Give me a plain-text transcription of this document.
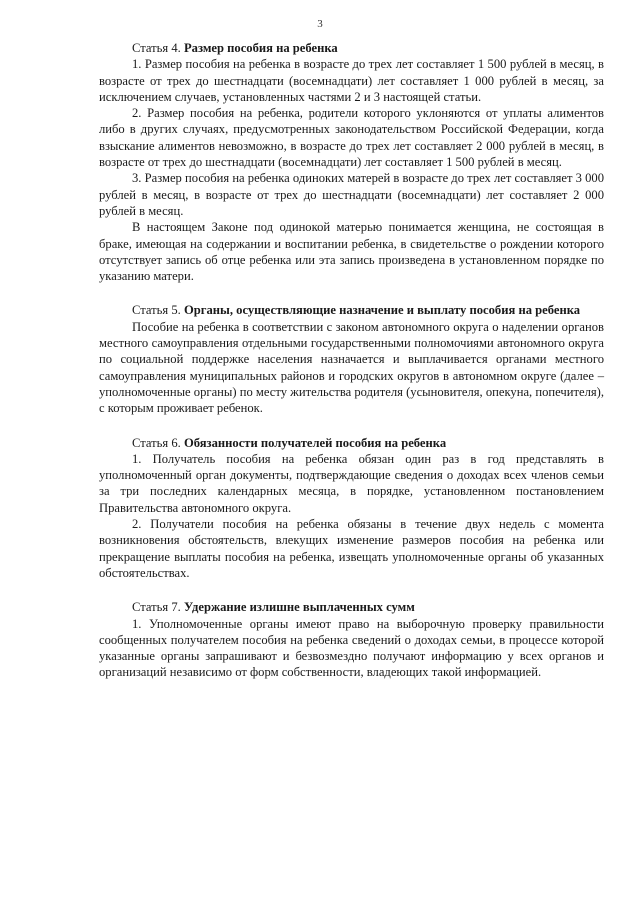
3

Статья 4. Размер пособия на ребенка

1. Размер пособия на ребенка в возрасте до трех лет составляет 1 500 рублей в месяц, в возрасте от трех до шестнадцати (восемнадцати) лет составляет 1 000 рублей в месяц, за исключением случаев, установленных частями 2 и 3 настоящей статьи.

2. Размер пособия на ребенка, родители которого уклоняются от уплаты алиментов либо в других случаях, предусмотренных законодательством Российской Федерации, когда взыскание алиментов невозможно, в возрасте до трех лет составляет 2 000 рублей в месяц, в возрасте от трех до шестнадцати (восемнадцати) лет составляет 1 500 рублей в месяц.

3. Размер пособия на ребенка одиноких матерей в возрасте до трех лет составляет 3 000 рублей в месяц, в возрасте от трех до шестнадцати (восемнадцати) лет составляет 2 000 рублей в месяц.

В настоящем Законе под одинокой матерью понимается женщина, не состоящая в браке, имеющая на содержании и воспитании ребенка, в свидетельстве о рождении которого отсутствует запись об отце ребенка или эта запись произведена в установленном порядке по указанию матери.

Статья 5. Органы, осуществляющие назначение и выплату пособия на ребенка

Пособие на ребенка в соответствии с законом автономного округа о наделении органов местного самоуправления отдельными государственными полномочиями автономного округа по социальной поддержке населения назначается и выплачивается органами местного самоуправления муниципальных районов и городских округов в автономном округе (далее – уполномоченные органы) по месту жительства родителя (усыновителя, опекуна, попечителя), с которым проживает ребенок.

Статья 6. Обязанности получателей пособия на ребенка

1. Получатель пособия на ребенка обязан один раз в год представлять в уполномоченный орган документы, подтверждающие сведения о доходах всех членов семьи за три последних календарных месяца, в порядке, установленном постановлением Правительства автономного округа.

2. Получатели пособия на ребенка обязаны в течение двух недель с момента возникновения обстоятельств, влекущих изменение размеров пособия на ребенка или прекращение выплаты пособия на ребенка, извещать уполномоченные органы об указанных обстоятельствах.

Статья 7. Удержание излишне выплаченных сумм

1. Уполномоченные органы имеют право на выборочную проверку правильности сообщенных получателем пособия на ребенка сведений о доходах семьи, в процессе которой указанные органы запрашивают и безвозмездно получают информацию у всех органов и организаций независимо от форм собственности, владеющих такой информацией.
